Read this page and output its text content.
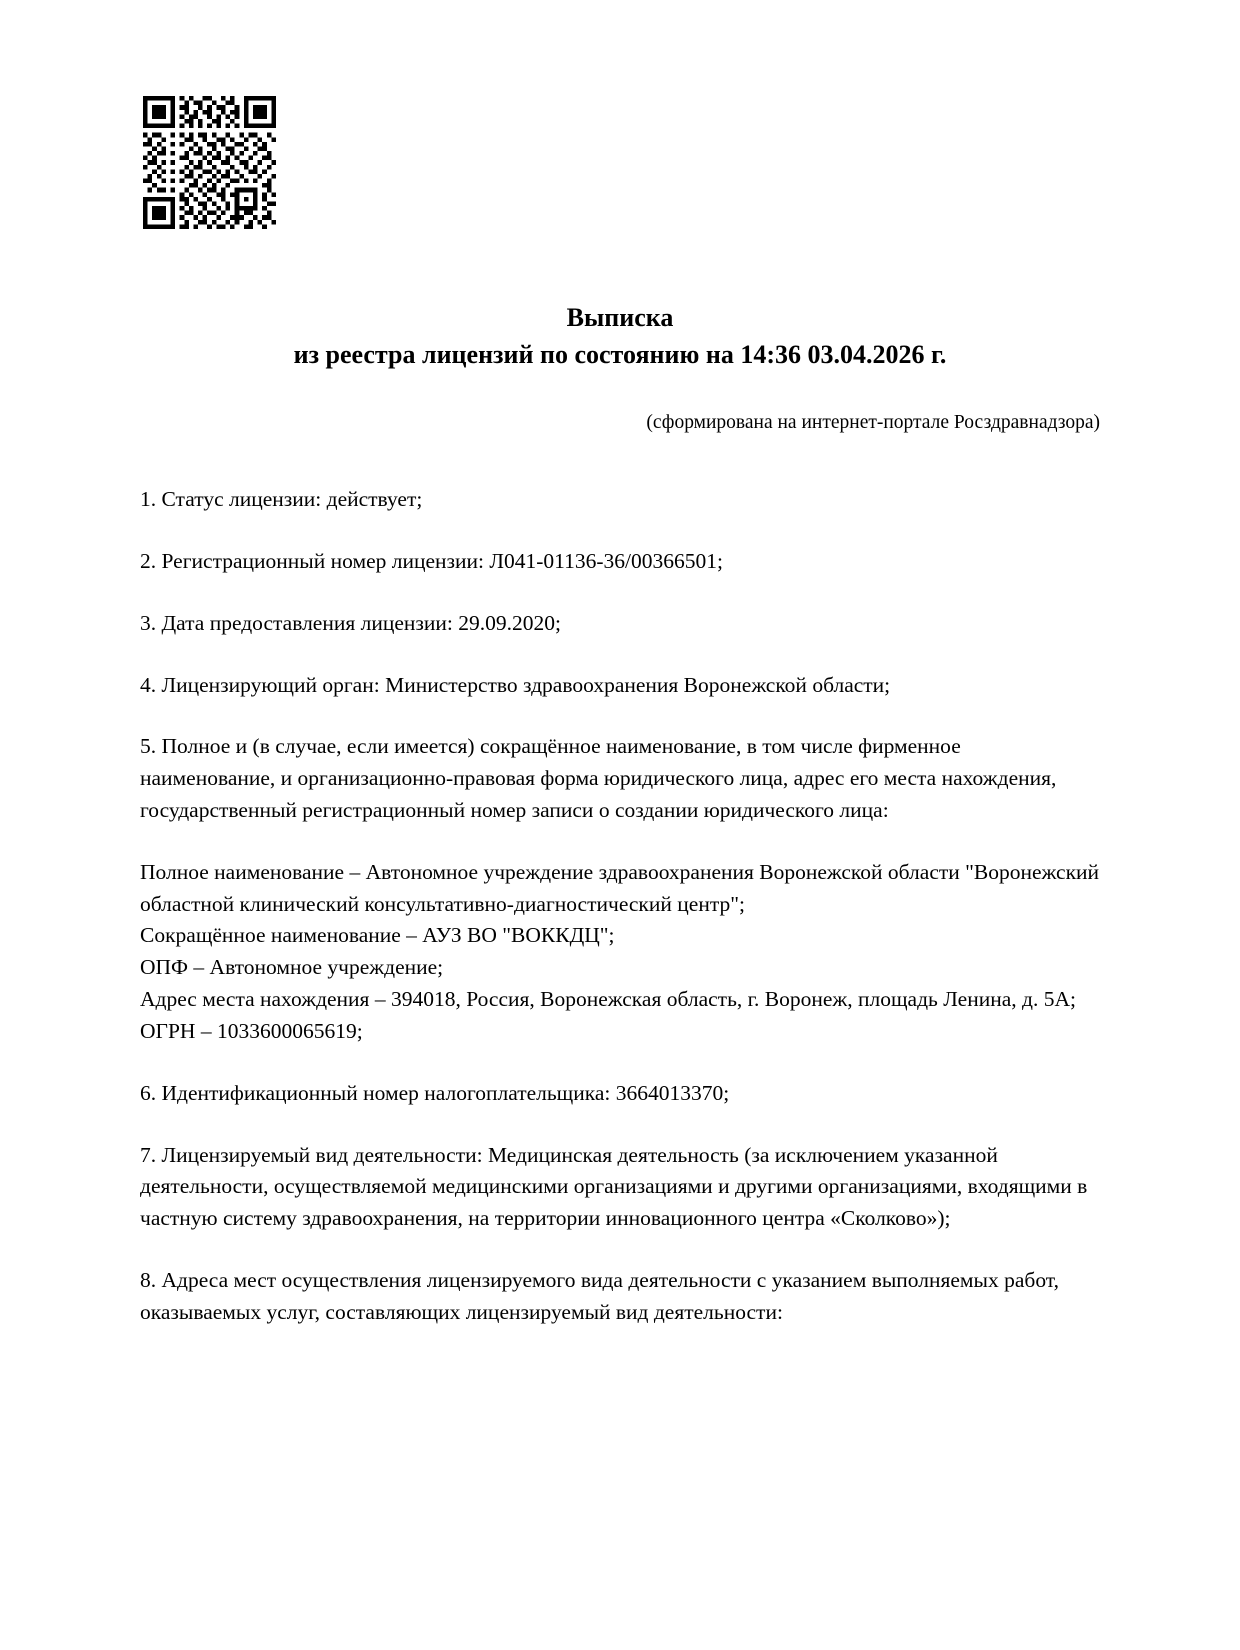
Выписка
из реестра лицензий по состоянию на 14:36 03.04.2026 г.
(сформирована на интернет-портале Росздравнадзора)

1. Статус лицензии: действует;

2. Регистрационный номер лицензии: Л041-01136-36/00366501;

3. Дата предоставления лицензии: 29.09.2020;

4. Лицензирующий орган: Министерство здравоохранения Воронежской области;

5. Полное и (в случае, если имеется) сокращённое наименование, в том числе фирменное наименование, и организационно-правовая форма юридического лица, адрес его места нахождения, государственный регистрационный номер записи о создании юридического лица:

Полное наименование – Автономное учреждение здравоохранения Воронежской области "Воронежский областной клинический консультативно-диагностический центр";
Сокращённое наименование – АУЗ ВО "ВОККДЦ";
ОПФ – Автономное учреждение;
Адрес места нахождения – 394018, Россия, Воронежская область, г. Воронеж, площадь Ленина, д. 5А;
ОГРН – 1033600065619;

6. Идентификационный номер налогоплательщика: 3664013370;

7. Лицензируемый вид деятельности: Медицинская деятельность (за исключением указанной деятельности, осуществляемой медицинскими организациями и другими организациями, входящими в частную систему здравоохранения, на территории инновационного центра «Сколково»);

8. Адреса мест осуществления лицензируемого вида деятельности с указанием выполняемых работ, оказываемых услуг, составляющих лицензируемый вид деятельности:
